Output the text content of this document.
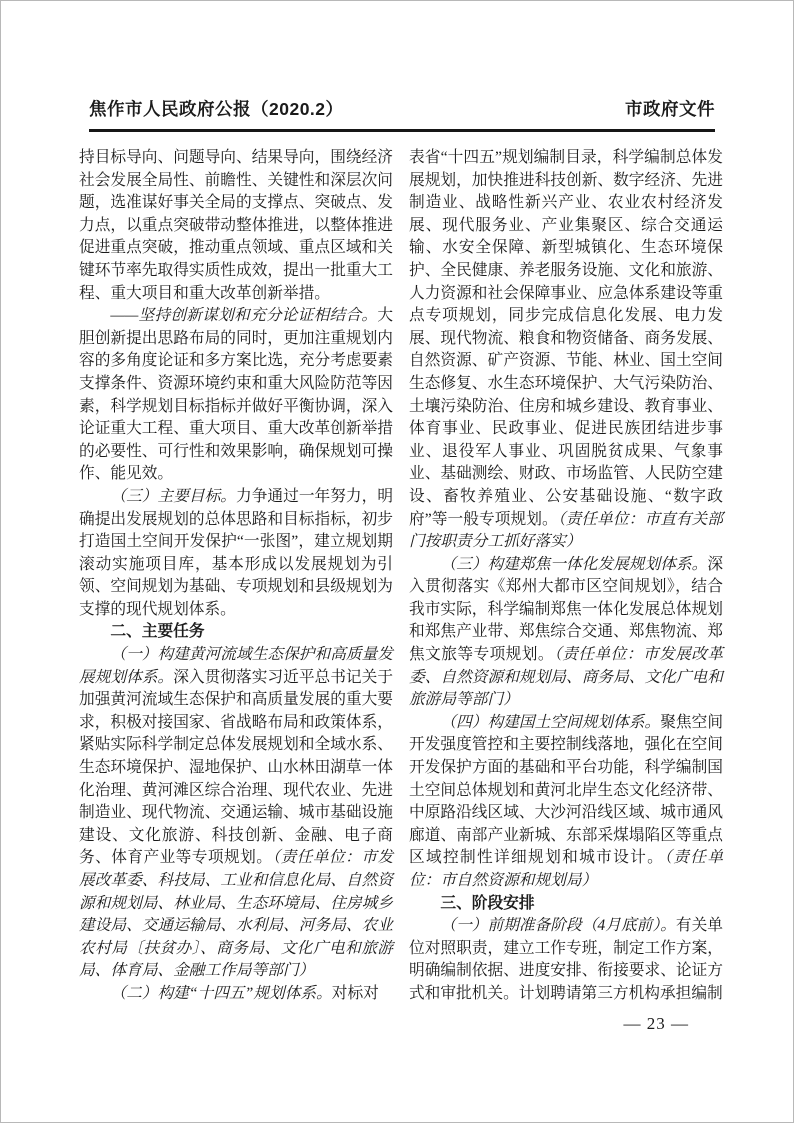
焦作市人民政府公报（2020.2）	市政府文件

持目标导向、问题导向、结果导向，围绕经济社会发展全局性、前瞻性、关键性和深层次问题，选准谋好事关全局的支撑点、突破点、发力点，以重点突破带动整体推进，以整体推进促进重点突破，推动重点领域、重点区域和关键环节率先取得实质性成效，提出一批重大工程、重大项目和重大改革创新举措。

——坚持创新谋划和充分论证相结合。大胆创新提出思路布局的同时，更加注重规划内容的多角度论证和多方案比选，充分考虑要素支撑条件、资源环境约束和重大风险防范等因素，科学规划目标指标并做好平衡协调，深入论证重大工程、重大项目、重大改革创新举措的必要性、可行性和效果影响，确保规划可操作、能见效。

（三）主要目标。力争通过一年努力，明确提出发展规划的总体思路和目标指标，初步打造国土空间开发保护“一张图”，建立规划期滚动实施项目库，基本形成以发展规划为引领、空间规划为基础、专项规划和县级规划为支撑的现代规划体系。

二、主要任务

（一）构建黄河流域生态保护和高质量发展规划体系。深入贯彻落实习近平总书记关于加强黄河流域生态保护和高质量发展的重大要求，积极对接国家、省战略布局和政策体系，紧贴实际科学制定总体发展规划和全域水系、生态环境保护、湿地保护、山水林田湖草一体化治理、黄河滩区综合治理、现代农业、先进制造业、现代物流、交通运输、城市基础设施建设、文化旅游、科技创新、金融、电子商务、体育产业等专项规划。（责任单位：市发展改革委、科技局、工业和信息化局、自然资源和规划局、林业局、生态环境局、住房城乡建设局、交通运输局、水利局、河务局、农业农村局〔扶贫办〕、商务局、文化广电和旅游局、体育局、金融工作局等部门）

（二）构建“十四五”规划体系。对标对

表省“十四五”规划编制目录，科学编制总体发展规划，加快推进科技创新、数字经济、先进制造业、战略性新兴产业、农业农村经济发展、现代服务业、产业集聚区、综合交通运输、水安全保障、新型城镇化、生态环境保护、全民健康、养老服务设施、文化和旅游、人力资源和社会保障事业、应急体系建设等重点专项规划，同步完成信息化发展、电力发展、现代物流、粮食和物资储备、商务发展、自然资源、矿产资源、节能、林业、国土空间生态修复、水生态环境保护、大气污染防治、土壤污染防治、住房和城乡建设、教育事业、体育事业、民政事业、促进民族团结进步事业、退役军人事业、巩固脱贫成果、气象事业、基础测绘、财政、市场监管、人民防空建设、畜牧养殖业、公安基础设施、“数字政府”等一般专项规划。（责任单位：市直有关部门按职责分工抓好落实）

（三）构建郑焦一体化发展规划体系。深入贯彻落实《郑州大都市区空间规划》，结合我市实际，科学编制郑焦一体化发展总体规划和郑焦产业带、郑焦综合交通、郑焦物流、郑焦文旅等专项规划。（责任单位：市发展改革委、自然资源和规划局、商务局、文化广电和旅游局等部门）

（四）构建国土空间规划体系。聚焦空间开发强度管控和主要控制线落地，强化在空间开发保护方面的基础和平台功能，科学编制国土空间总体规划和黄河北岸生态文化经济带、中原路沿线区域、大沙河沿线区域、城市通风廊道、南部产业新城、东部采煤塌陷区等重点区域控制性详细规划和城市设计。（责任单位：市自然资源和规划局）

三、阶段安排

（一）前期准备阶段（4月底前）。有关单位对照职责，建立工作专班，制定工作方案，明确编制依据、进度安排、衔接要求、论证方式和审批机关。计划聘请第三方机构承担编制

— 23 —
